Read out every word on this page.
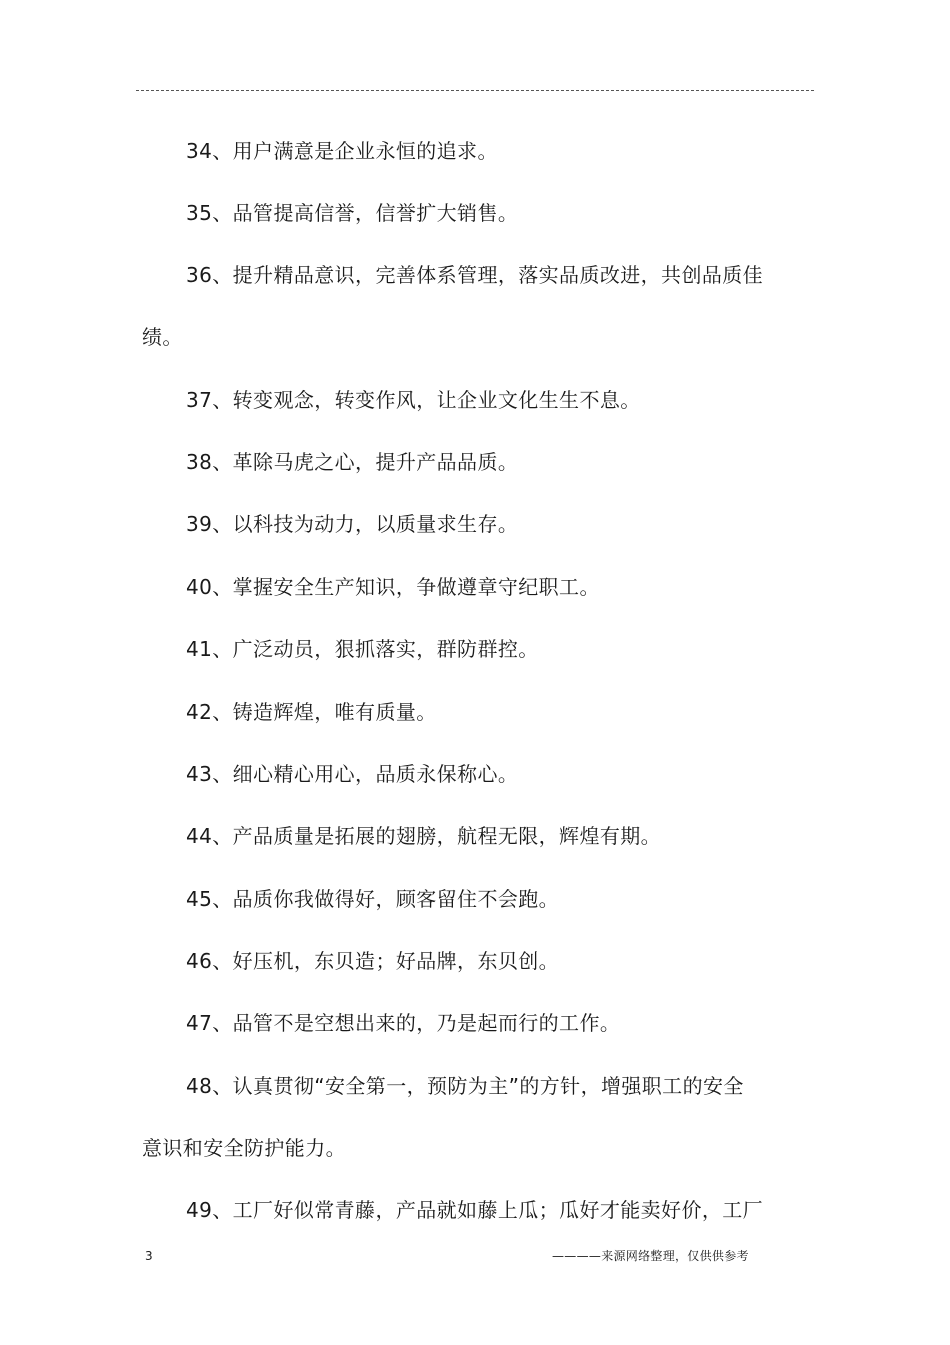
34、用户满意是企业永恒的追求。
35、品管提高信誉，信誉扩大销售。
36、提升精品意识，完善体系管理，落实品质改进，共创品质佳
绩。
37、转变观念，转变作风，让企业文化生生不息。
38、革除马虎之心，提升产品品质。
39、以科技为动力，以质量求生存。
40、掌握安全生产知识，争做遵章守纪职工。
41、广泛动员，狠抓落实，群防群控。
42、铸造辉煌，唯有质量。
43、细心精心用心，品质永保称心。
44、产品质量是拓展的翅膀，航程无限，辉煌有期。
45、品质你我做得好，顾客留住不会跑。
46、好压机，东贝造；好品牌，东贝创。
47、品管不是空想出来的，乃是起而行的工作。
48、认真贯彻“安全第一，预防为主”的方针，增强职工的安全
意识和安全防护能力。
49、工厂好似常青藤，产品就如藤上瓜；瓜好才能卖好价，工厂
3	————来源网络整理，仅供供参考
